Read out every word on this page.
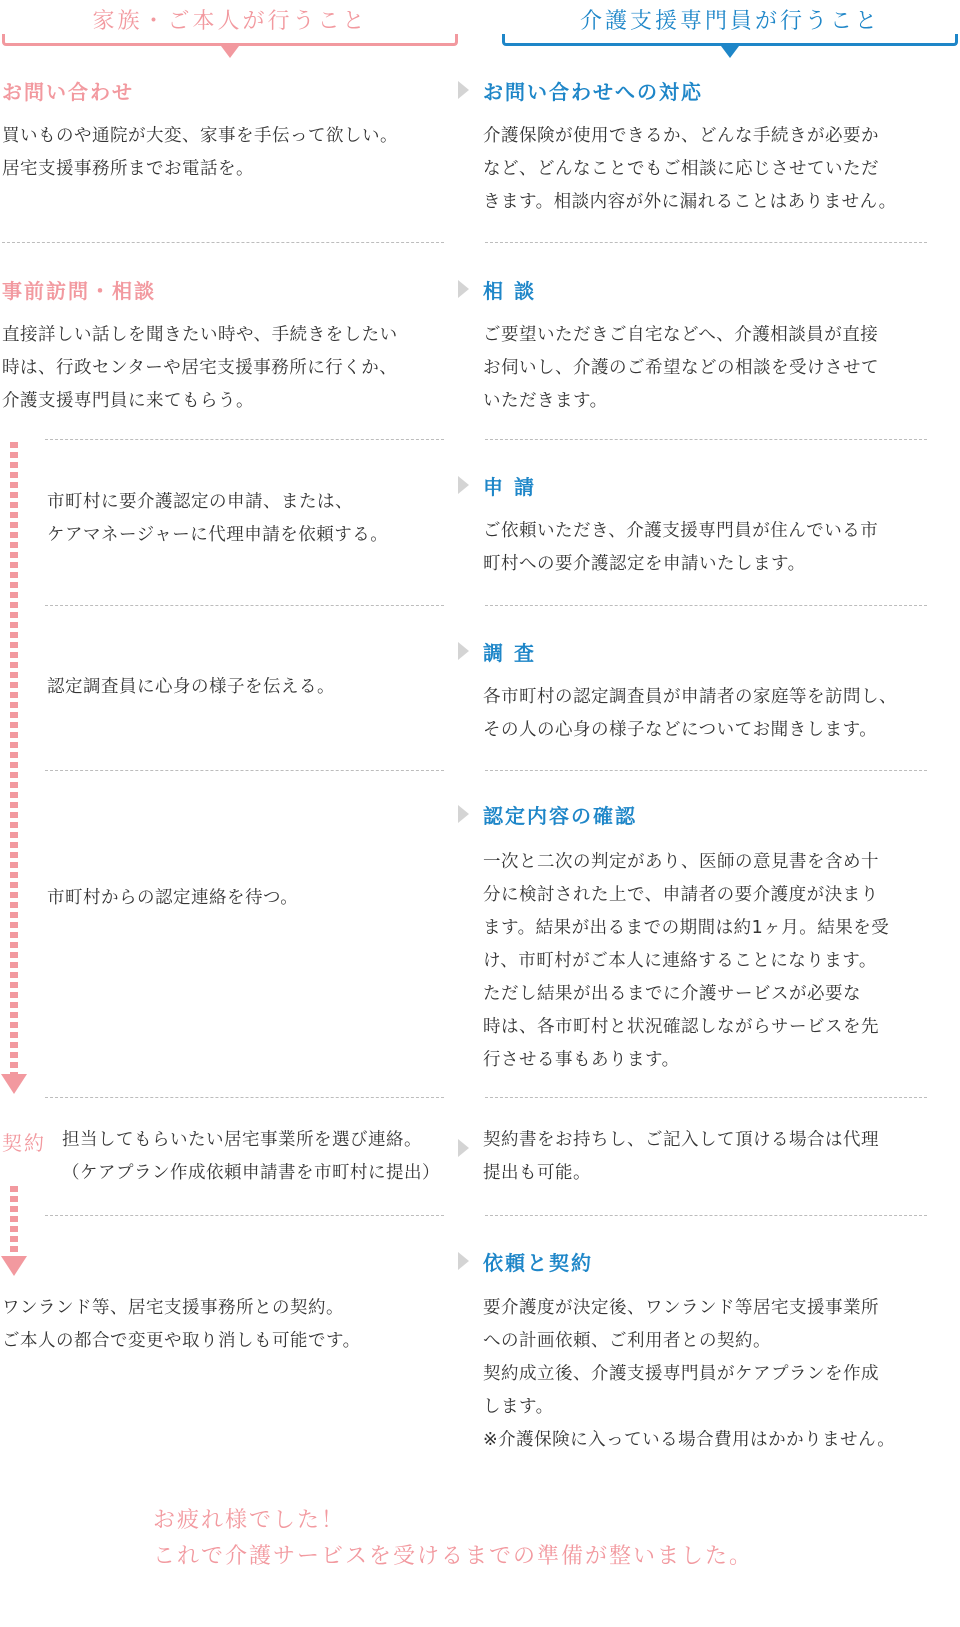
家族・ご本人が行うこと	介護支援専門員が行うこと
お問い合わせ
買いものや通院が大変、家事を手伝って欲しい。
居宅支援事務所までお電話を。
お問い合わせへの対応
介護保険が使用できるか、どんな手続きが必要か
など、どんなことでもご相談に応じさせていただ
きます。相談内容が外に漏れることはありません。
事前訪問・相談
直接詳しい話しを聞きたい時や、手続きをしたい
時は、行政センターや居宅支援事務所に行くか、
介護支援専門員に来てもらう。
相 談
ご要望いただきご自宅などへ、介護相談員が直接
お伺いし、介護のご希望などの相談を受けさせて
いただきます。
市町村に要介護認定の申請、または、
ケアマネージャーに代理申請を依頼する。
申 請
ご依頼いただき、介護支援専門員が住んでいる市
町村への要介護認定を申請いたします。
認定調査員に心身の様子を伝える。
調 査
各市町村の認定調査員が申請者の家庭等を訪問し、
その人の心身の様子などについてお聞きします。
市町村からの認定連絡を待つ。
認定内容の確認
一次と二次の判定があり、医師の意見書を含め十
分に検討された上で、申請者の要介護度が決まり
ます。結果が出るまでの期間は約1ヶ月。結果を受
け、市町村がご本人に連絡することになります。
ただし結果が出るまでに介護サービスが必要な
時は、各市町村と状況確認しながらサービスを先
行させる事もあります。
契約 担当してもらいたい居宅事業所を選び連絡。
（ケアプラン作成依頼申請書を市町村に提出）
契約書をお持ちし、ご記入して頂ける場合は代理
提出も可能。
ワンランド等、居宅支援事務所との契約。
ご本人の都合で変更や取り消しも可能です。
依頼と契約
要介護度が決定後、ワンランド等居宅支援事業所
への計画依頼、ご利用者との契約。
契約成立後、介護支援専門員がケアプランを作成
します。
※介護保険に入っている場合費用はかかりません。
お疲れ様でした！
これで介護サービスを受けるまでの準備が整いました。
